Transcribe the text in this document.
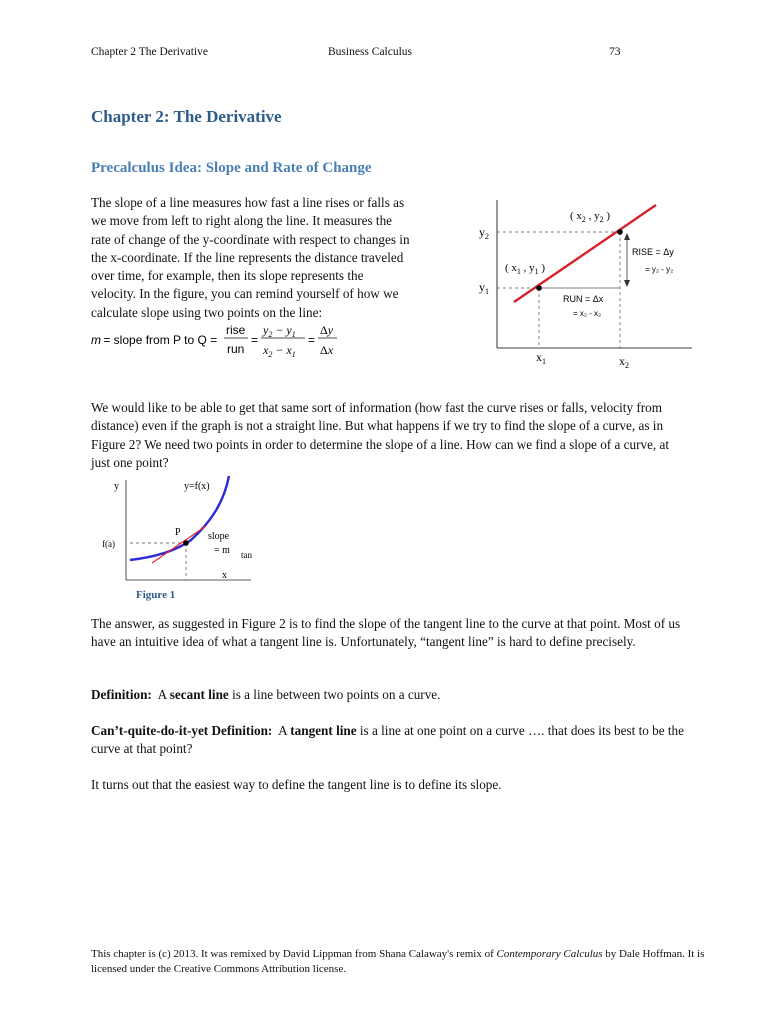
Chapter 2 The Derivative	Business Calculus	73
Chapter 2: The Derivative
Precalculus Idea: Slope and Rate of Change
The slope of a line measures how fast a line rises or falls as
we move from left to right along the line. It measures the
rate of change of the y-coordinate with respect to changes in
the x-coordinate. If the line represents the distance traveled
over time, for example, then its slope represents the
velocity. In the figure, you can remind yourself of how we
calculate slope using two points on the line:
m = slope from P to Q =
rise
run
=
$y_2 - y_1$
$x_2 - x_1$
=
Δy
Δx
$y_2$
$y_1$
$x_1$	$x_2$
( $x_2$ , $y_2$ )
( $x_1$ , $y_1$ )
RISE = Δy
= y₂ - y₂
RUN = Δx
= x₂ - x₂
We would like to be able to get that same sort of information (how fast the curve rises or falls, velocity from distance) even if the graph is not a straight line. But what happens if we try to find the slope of a curve, as in Figure 2? We need two points in order to determine the slope of a line. How can we find a slope of a curve, at just one point?
y
x
y=f(x)
P
f(a)
slope
= m tan
Figure 1
The answer, as suggested in Figure 2 is to find the slope of the tangent line to the curve at that point. Most of us have an intuitive idea of what a tangent line is. Unfortunately, “tangent line” is hard to define precisely.
Definition:  A secant line is a line between two points on a curve.
Can’t-quite-do-it-yet Definition:  A tangent line is a line at one point on a curve …. that does its best to be the curve at that point?
It turns out that the easiest way to define the tangent line is to define its slope.
This chapter is (c) 2013. It was remixed by David Lippman from Shana Calaway's remix of Contemporary Calculus by Dale Hoffman. It is licensed under the Creative Commons Attribution license.
